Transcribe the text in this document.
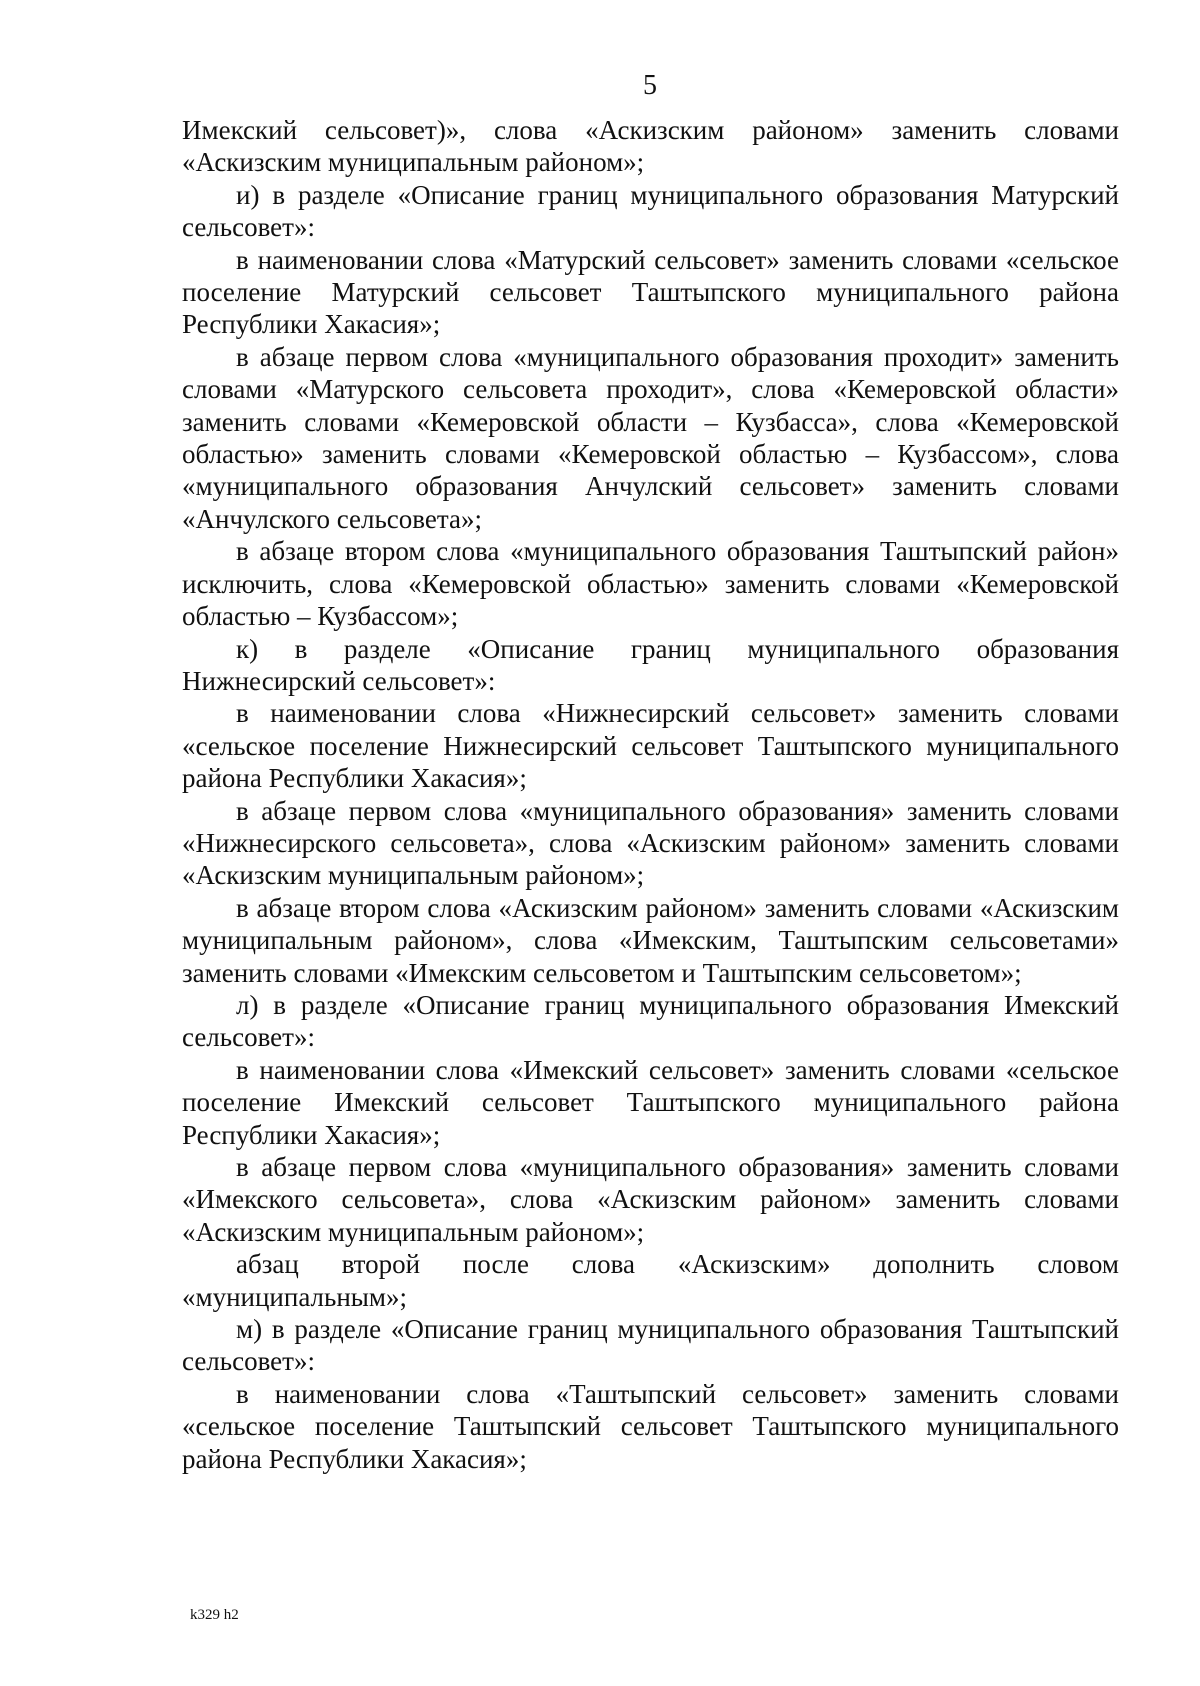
5

Имекский сельсовет)», слова «Аскизским районом» заменить словами «Аскизским муниципальным районом»;

и) в разделе «Описание границ муниципального образования Матурский сельсовет»:

в наименовании слова «Матурский сельсовет» заменить словами «сельское поселение Матурский сельсовет Таштыпского муниципального района Республики Хакасия»;

в абзаце первом слова «муниципального образования проходит» заменить словами «Матурского сельсовета проходит», слова «Кемеровской области» заменить словами «Кемеровской области – Кузбасса», слова «Кемеровской областью» заменить словами «Кемеровской областью – Кузбассом», слова «муниципального образования Анчулский сельсовет» заменить словами «Анчулского сельсовета»;

в абзаце втором слова «муниципального образования Таштыпский район» исключить, слова «Кемеровской областью» заменить словами «Кемеровской областью – Кузбассом»;

к) в разделе «Описание границ муниципального образования Нижнесирский сельсовет»:

в наименовании слова «Нижнесирский сельсовет» заменить словами «сельское поселение Нижнесирский сельсовет Таштыпского муниципального района Республики Хакасия»;

в абзаце первом слова «муниципального образования» заменить словами «Нижнесирского сельсовета», слова «Аскизским районом» заменить словами «Аскизским муниципальным районом»;

в абзаце втором слова «Аскизским районом» заменить словами «Аскизским муниципальным районом», слова «Имекским, Таштыпским сельсоветами» заменить словами «Имекским сельсоветом и Таштыпским сельсоветом»;

л) в разделе «Описание границ муниципального образования Имекский сельсовет»:

в наименовании слова «Имекский сельсовет» заменить словами «сельское поселение Имекский сельсовет Таштыпского муниципального района Республики Хакасия»;

в абзаце первом слова «муниципального образования» заменить словами «Имекского сельсовета», слова «Аскизским районом» заменить словами «Аскизским муниципальным районом»;

абзац второй после слова «Аскизским» дополнить словом «муниципальным»;

м) в разделе «Описание границ муниципального образования Таштыпский сельсовет»:

в наименовании слова «Таштыпский сельсовет» заменить словами «сельское поселение Таштыпский сельсовет Таштыпского муниципального района Республики Хакасия»;

k329 h2
